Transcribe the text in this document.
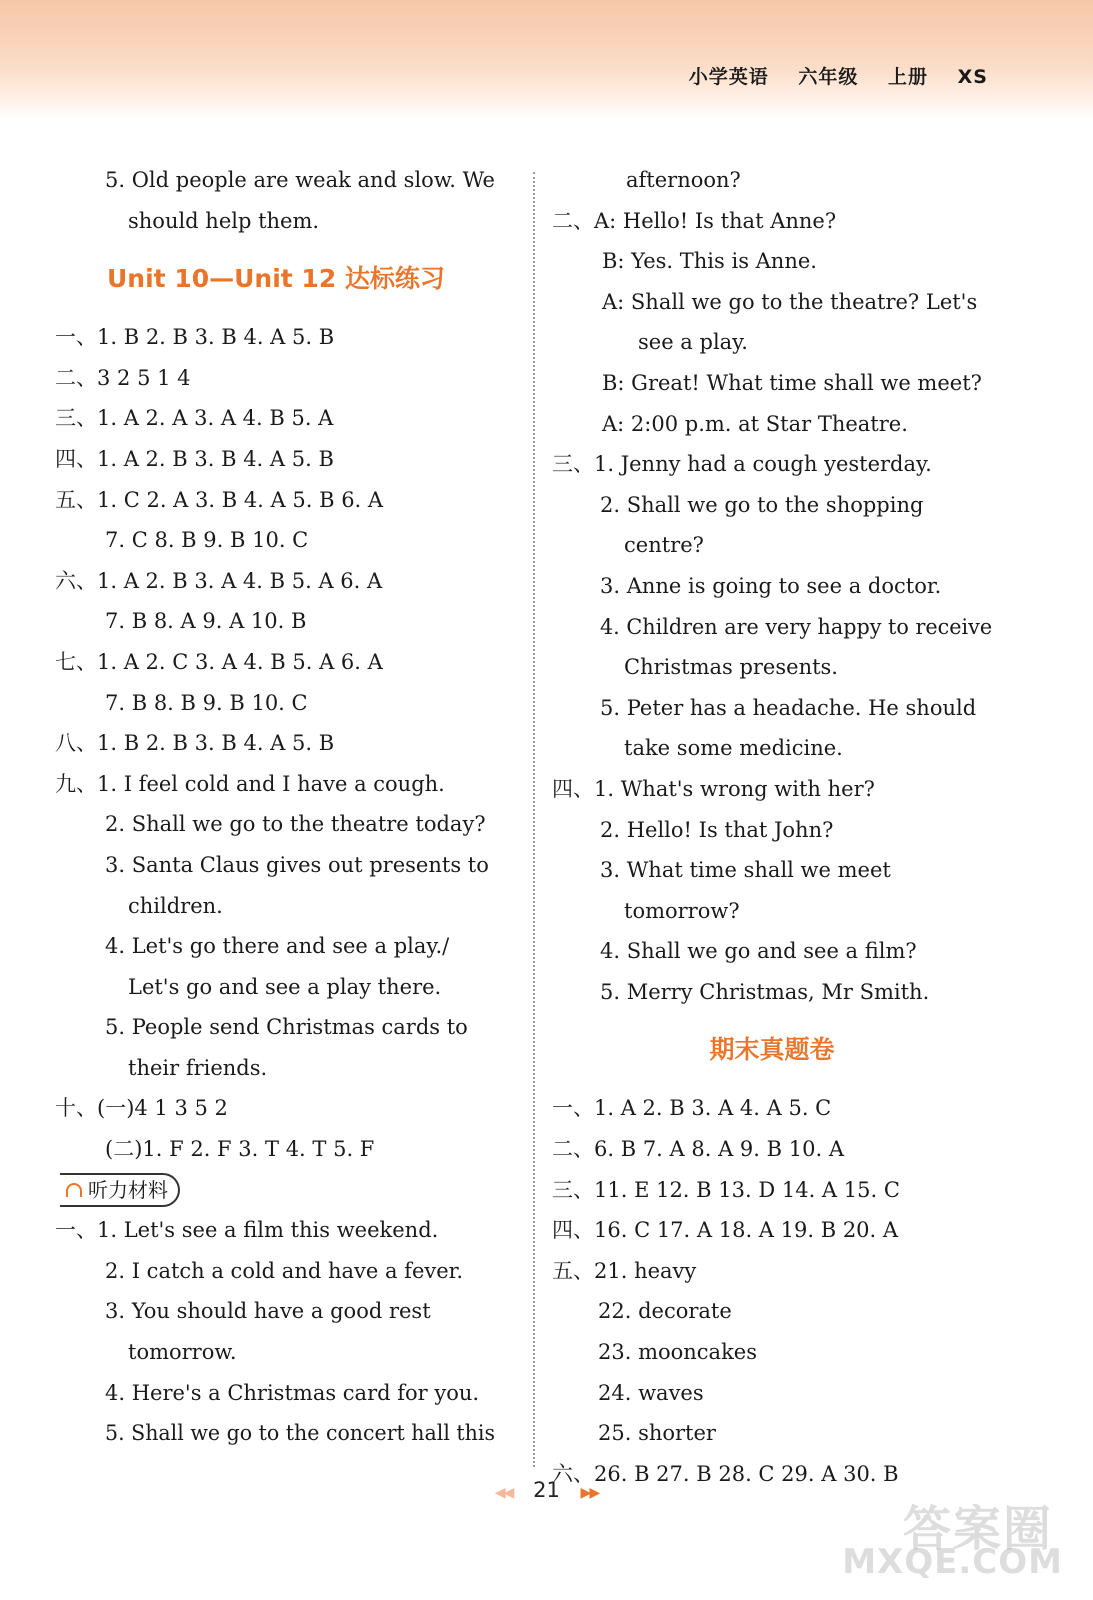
小学英语 六年级 上册 XS
5. Old people are weak and slow. We
should help them.
Unit 10—Unit 12 达标练习
一、1. B 2. B 3. B 4. A 5. B
二、3 2 5 1 4
三、1. A 2. A 3. A 4. B 5. A
四、1. A 2. B 3. B 4. A 5. B
五、1. C 2. A 3. B 4. A 5. B 6. A
7. C 8. B 9. B 10. C
六、1. A 2. B 3. A 4. B 5. A 6. A
7. B 8. A 9. A 10. B
七、1. A 2. C 3. A 4. B 5. A 6. A
7. B 8. B 9. B 10. C
八、1. B 2. B 3. B 4. A 5. B
九、1. I feel cold and I have a cough.
2. Shall we go to the theatre today?
3. Santa Claus gives out presents to
children.
4. Let's go there and see a play./
Let's go and see a play there.
5. People send Christmas cards to
their friends.
十、(一)4 1 3 5 2
(二)1. F 2. F 3. T 4. T 5. F
听力材料
一、1. Let's see a film this weekend.
2. I catch a cold and have a fever.
3. You should have a good rest
tomorrow.
4. Here's a Christmas card for you.
5. Shall we go to the concert hall this
afternoon?
二、A: Hello! Is that Anne?
B: Yes. This is Anne.
A: Shall we go to the theatre? Let's
see a play.
B: Great! What time shall we meet?
A: 2:00 p.m. at Star Theatre.
三、1. Jenny had a cough yesterday.
2. Shall we go to the shopping
centre?
3. Anne is going to see a doctor.
4. Children are very happy to receive
Christmas presents.
5. Peter has a headache. He should
take some medicine.
四、1. What's wrong with her?
2. Hello! Is that John?
3. What time shall we meet
tomorrow?
4. Shall we go and see a film?
5. Merry Christmas, Mr Smith.
期末真题卷
一、1. A 2. B 3. A 4. A 5. C
二、6. B 7. A 8. A 9. B 10. A
三、11. E 12. B 13. D 14. A 15. C
四、16. C 17. A 18. A 19. B 20. A
五、21. heavy
22. decorate
23. mooncakes
24. waves
25. shorter
六、26. B 27. B 28. C 29. A 30. B
◀◀ 21 ▶▶
答案圈
MXQE.COM
